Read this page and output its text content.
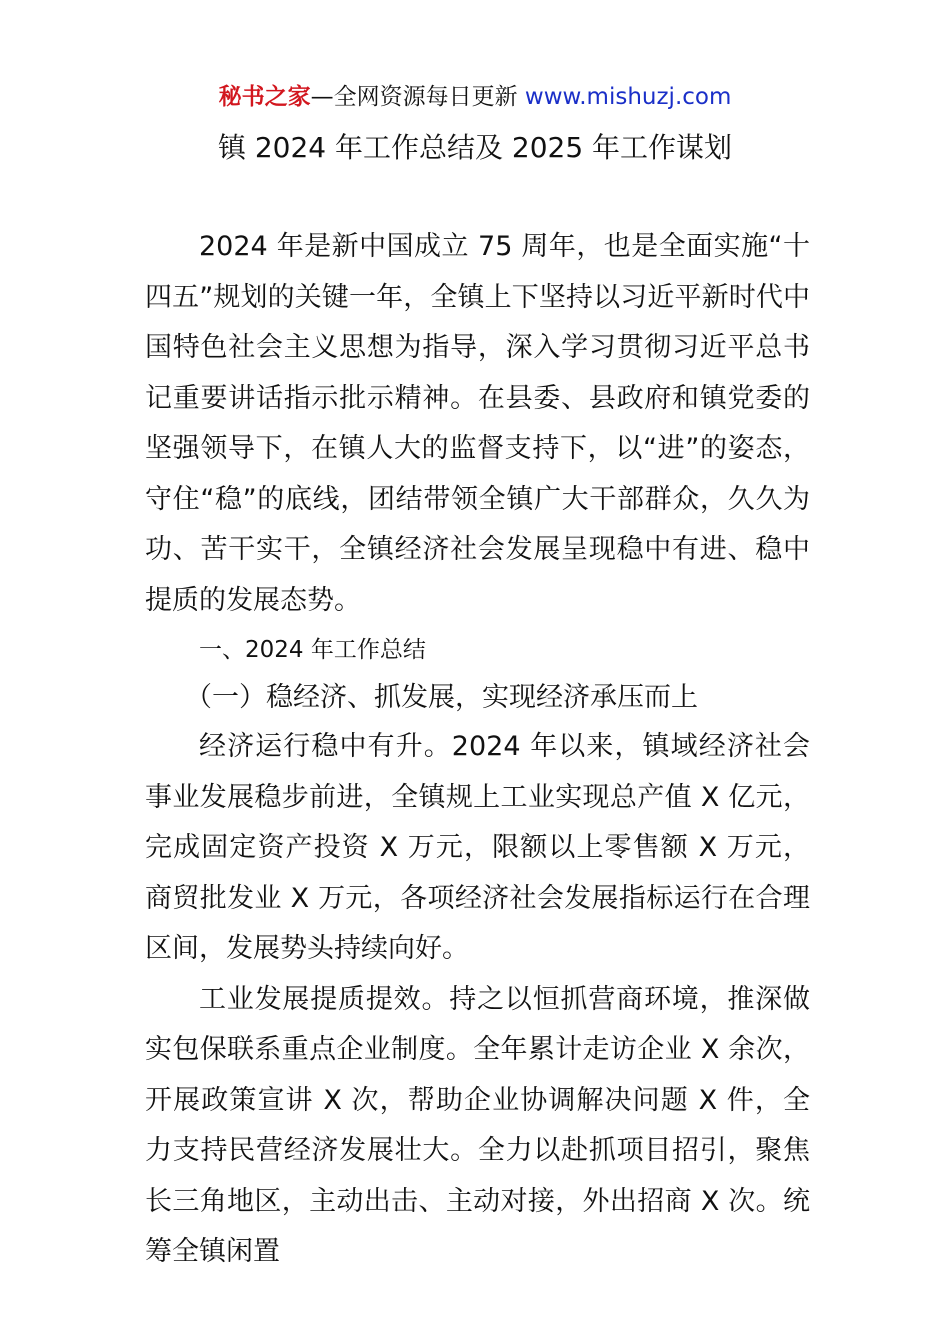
秘书之家—全网资源每日更新 www.mishuzj.com
镇 2024 年工作总结及 2025 年工作谋划

2024 年是新中国成立 75 周年，也是全面实施“十四五”规划的关键一年，全镇上下坚持以习近平新时代中国特色社会主义思想为指导，深入学习贯彻习近平总书记重要讲话指示批示精神。在县委、县政府和镇党委的坚强领导下，在镇人大的监督支持下，以“进”的姿态，守住“稳”的底线，团结带领全镇广大干部群众，久久为功、苦干实干，全镇经济社会发展呈现稳中有进、稳中提质的发展态势。

一、2024 年工作总结

（一）稳经济、抓发展，实现经济承压而上

经济运行稳中有升。2024 年以来，镇域经济社会事业发展稳步前进，全镇规上工业实现总产值 X 亿元，完成固定资产投资 X 万元，限额以上零售额 X 万元，商贸批发业 X 万元，各项经济社会发展指标运行在合理区间，发展势头持续向好。

工业发展提质提效。持之以恒抓营商环境，推深做实包保联系重点企业制度。全年累计走访企业 X 余次，开展政策宣讲 X 次，帮助企业协调解决问题 X 件，全力支持民营经济发展壮大。全力以赴抓项目招引，聚焦长三角地区，主动出击、主动对接，外出招商 X 次。统筹全镇闲置
